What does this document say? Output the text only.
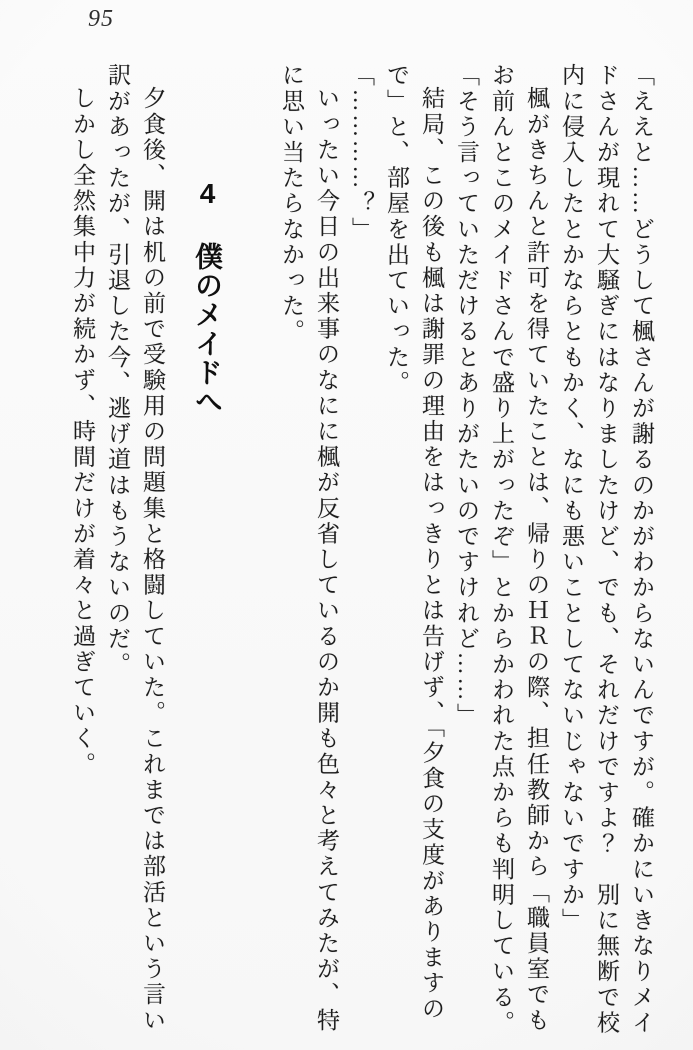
95

「ええと……どうして楓さんが謝るのかがわからないんですが。確かにいきなりメイドさんが現れて大騒ぎにはなりましたけど、でも、それだけですよ？　別に無断で校内に侵入したとかならともかく、なにも悪いことしてないじゃないですか」

楓がきちんと許可を得ていたことは、帰りのＨＲの際、担任教師から「職員室でもお前んとこのメイドさんで盛り上がったぞ」とからかわれた点からも判明している。

「そう言っていただけるとありがたいのですけれど……」

結局、この後も楓は謝罪の理由をはっきりとは告げず、「夕食の支度がありますので」と、部屋を出ていった。

「…………？」

いったい今日の出来事のなにに楓が反省しているのか開も色々と考えてみたが、特に思い当たらなかった。

4 僕のメイドへ

夕食後、開は机の前で受験用の問題集と格闘していた。これまでは部活という言い訳があったが、引退した今、逃げ道はもうないのだ。

しかし全然集中力が続かず、時間だけが着々と過ぎていく。
